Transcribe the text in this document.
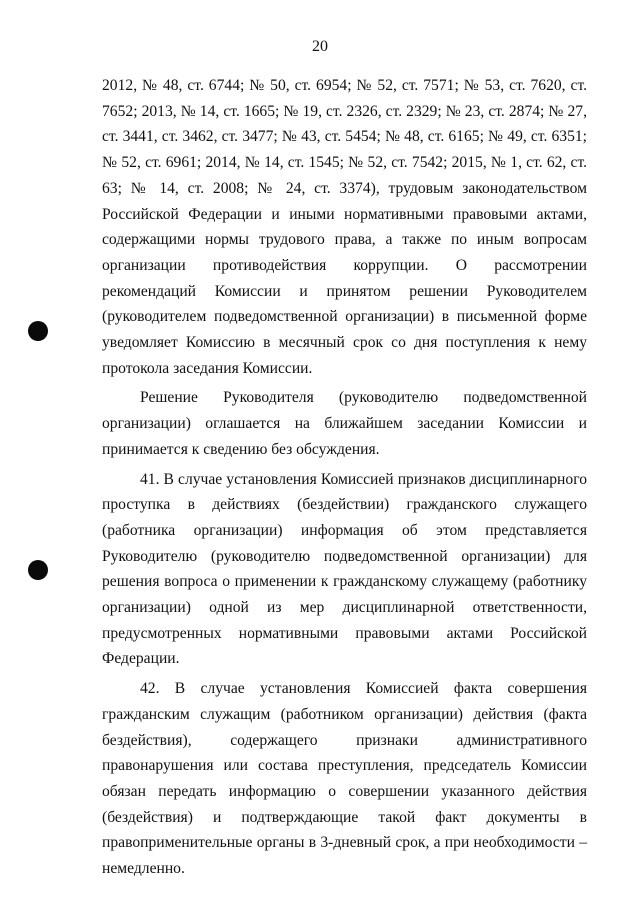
20

2012, № 48, ст. 6744; № 50, ст. 6954; № 52, ст. 7571; № 53, ст. 7620, ст. 7652; 2013, № 14, ст. 1665; № 19, ст. 2326, ст. 2329; № 23, ст. 2874; № 27, ст. 3441, ст. 3462, ст. 3477; № 43, ст. 5454; № 48, ст. 6165; № 49, ст. 6351; № 52, ст. 6961; 2014, № 14, ст. 1545; № 52, ст. 7542; 2015, № 1, ст. 62, ст. 63; № 14, ст. 2008; № 24, ст. 3374), трудовым законодательством Российской Федерации и иными нормативными правовыми актами, содержащими нормы трудового права, а также по иным вопросам организации противодействия коррупции. О рассмотрении рекомендаций Комиссии и принятом решении Руководителем (руководителем подведомственной организации) в письменной форме уведомляет Комиссию в месячный срок со дня поступления к нему протокола заседания Комиссии.

Решение Руководителя (руководителю подведомственной организации) оглашается на ближайшем заседании Комиссии и принимается к сведению без обсуждения.

41. В случае установления Комиссией признаков дисциплинарного проступка в действиях (бездействии) гражданского служащего (работника организации) информация об этом представляется Руководителю (руководителю подведомственной организации) для решения вопроса о применении к гражданскому служащему (работнику организации) одной из мер дисциплинарной ответственности, предусмотренных нормативными правовыми актами Российской Федерации.

42. В случае установления Комиссией факта совершения гражданским служащим (работником организации) действия (факта бездействия), содержащего признаки административного правонарушения или состава преступления, председатель Комиссии обязан передать информацию о совершении указанного действия (бездействия) и подтверждающие такой факт документы в правоприменительные органы в 3-дневный срок, а при необходимости – немедленно.
